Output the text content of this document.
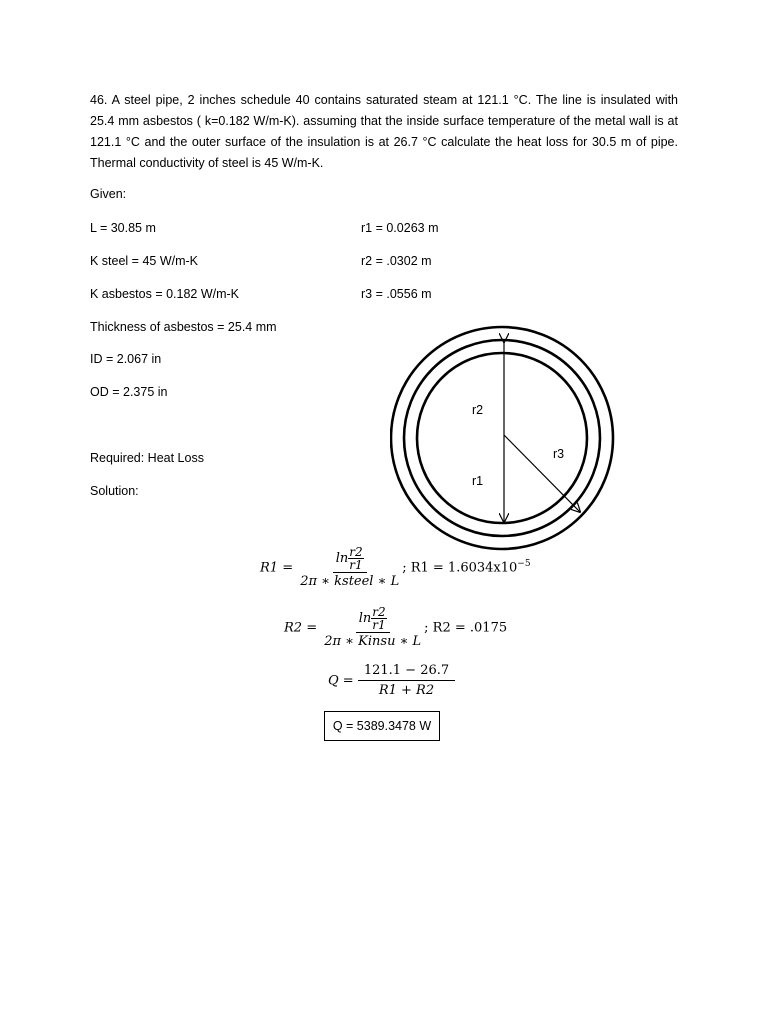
46. A steel pipe, 2 inches schedule 40 contains saturated steam at 121.1 °C. The line is insulated with 25.4 mm asbestos ( k=0.182 W/m-K). assuming that the inside surface temperature of the metal wall is at 121.1 °C and the outer surface of the insulation is at 26.7 °C calculate the heat loss for 30.5 m of pipe. Thermal conductivity of steel is 45 W/m-K.
Given:
L = 30.85 m
K steel = 45 W/m-K
K asbestos = 0.182 W/m-K
Thickness of asbestos = 25.4 mm
ID = 2.067 in
OD = 2.375 in
r1 = 0.0263 m
r2 = .0302 m
r3 = .0556 m
Required: Heat Loss
Solution:
r2
r3
r1
$R1 = \frac{\ln \frac{r2}{r1}}{\text{2π ∗ ksteel ∗ L}}$ ; $R1 = 1.6034x10^{-5}$
$R2 = \frac{\ln \frac{r2}{r1}}{\text{2π ∗ Kinsu ∗ L}}$ ; R2 = .0175
$Q = \frac{121.1 - 26.7}{R1 + R2}$
Q = 5389.3478 W
